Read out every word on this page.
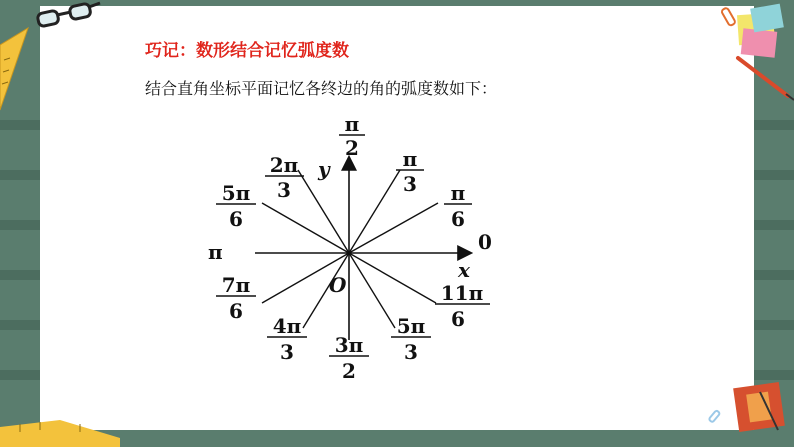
巧记：数形结合记忆弧度数
结合直角坐标平面记忆各终边的角的弧度数如下：
y
x
O
0
π
π
2 π
3 π
6
2π
3
5π
6
7π
6
4π
3 3π
2
5π
3
11π
6
